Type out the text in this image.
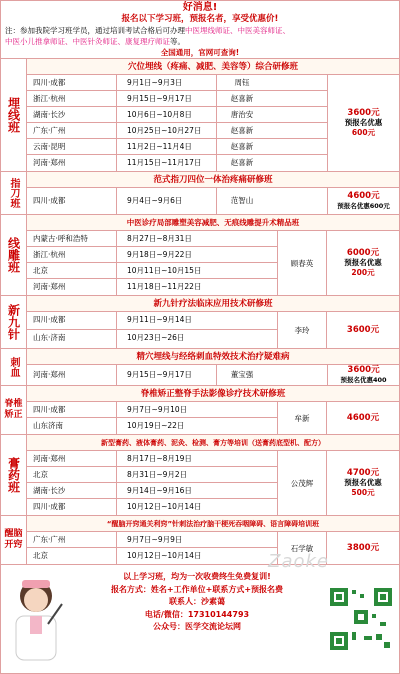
好消息!
报名以下学习班，预报名者，享受优惠价!
注：参加我院学习班学员，通过培训考试合格后可办理中医埋线师证、中医美容师证、
中医小儿推拿师证、中医针灸师证、康复理疗师证等。
全国通用，官网可查询!
埋线班
穴位埋线（疼痛、减肥、美容等）综合研修班
四川·成都	9月1日~9月3日	周钰
浙江·杭州	9月15日~9月17日	赵喜新
湖南·长沙	10月6日~10月8日	唐治安
广东·广州	10月25日~10月27日	赵喜新
云南·昆明	11月2日~11月4日	赵喜新
河南·郑州	11月15日~11月17日	赵喜新
3600元
预报名优惠
600元
指刀班	范式指刀四位一体治疼痛研修班
四川·成都	9月4日~9月6日	范智山	4600元
预报名优惠600元
线雕班
中医诊疗局部雕塑美容减肥、无痕线雕提升术精品班
内蒙古·呼和浩特	8月27日~8月31日
浙江·杭州	9月18日~9月22日
北京	10月11日~10月15日
河南·郑州	11月18日~11月22日
顾春英
6000元
预报名优惠
200元
新九针	新九针疗法临床应用技术研修班
四川·成都	9月11日~9月14日
山东·济南	10月23日~26日
李玲	3600元
刺血	精穴埋线与经络刺血特效技术治疗疑难病
河南·郑州	9月15日~9月17日	董宝强	3600元
预报名优惠400
脊椎矫正
脊椎矫正整脊手法影像诊疗技术研修班
四川·成都	9月7日~9月10日
山东济南	10月19日~22日
牟新	4600元
膏药班
新型膏药、液体膏药、泥灸、检测、膏方等培训（送膏药底型机、配方）
河南·郑州	8月17日~8月19日
北京	8月31日~9月2日
湖南·长沙	9月14日~9月16日
四川·成都	10月12日~10月14日
公茂辉
4700元
预报名优惠
500元
醒脑开窍
“醒脑开窍通关利窍”针刺法治疗脑干梗死吞咽障碍、语言障碍培训班
广东·广州	9月7日~9月9日
北京	10月12日~10月14日
石学敏	3800元
Zaoke
以上学习班，均为一次收费终生免费复训!
报名方式：姓名+工作单位+联系方式+预报名费
联系人：沙素蔼
电话/微信：17310144793
公众号：医学交流论坛网
